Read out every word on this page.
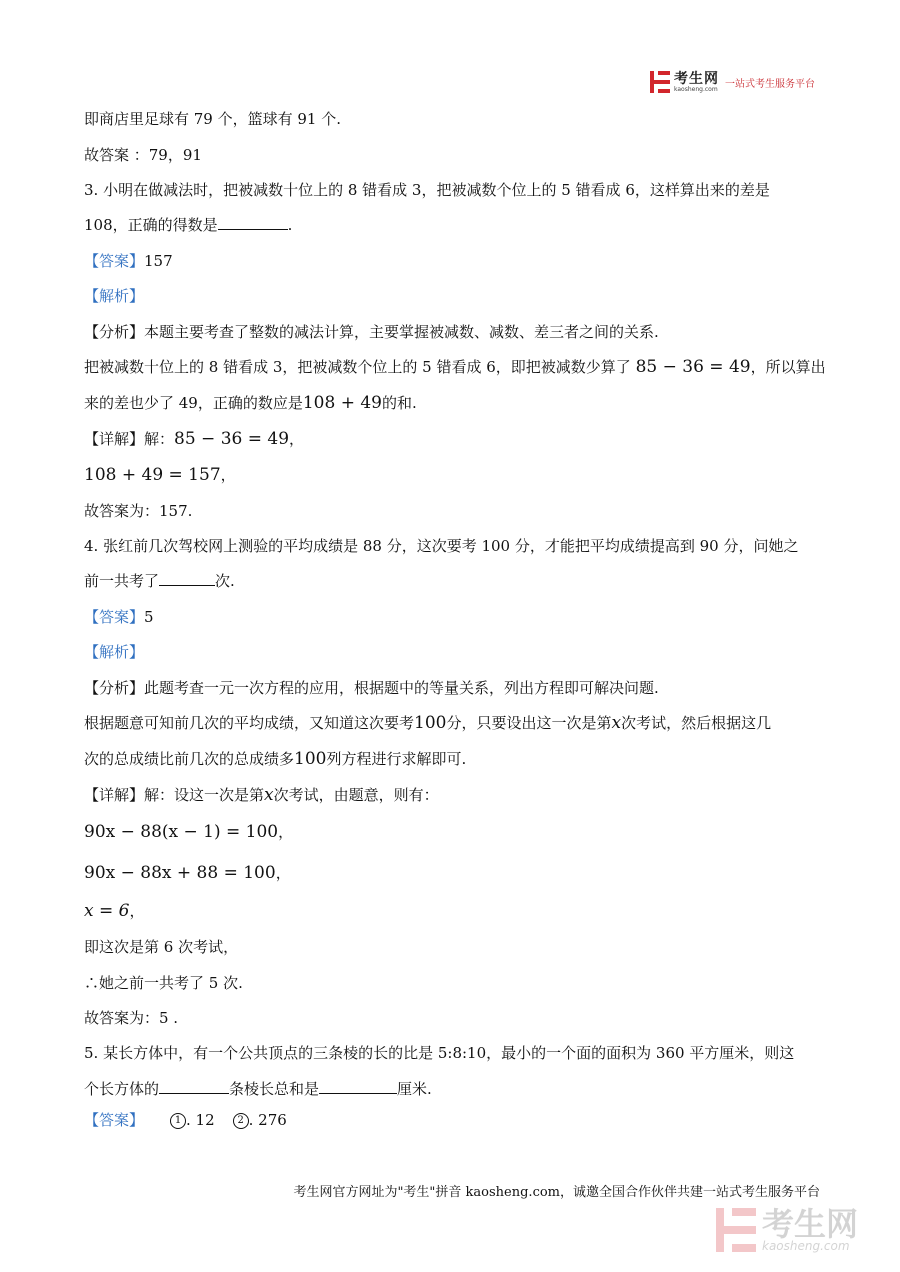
考生网
kaosheng.com 一站式考生服务平台
即商店里足球有 79 个，篮球有 91 个.
故答案 ：79，91
3. 小明在做减法时，把被减数十位上的 8 错看成 3，把被减数个位上的 5 错看成 6，这样算出来的差是
108，正确的得数是	.
【答案】157
【解析】
【分析】本题主要考查了整数的减法计算，主要掌握被减数、减数、差三者之间的关系.
把被减数十位上的 8 错看成 3，把被减数个位上的 5 错看成 6，即把被减数少算了 85 − 36 = 49，所以算出
来的差也少了 49，正确的数应是108 + 49的和.
【详解】解：85 − 36 = 49，
108 + 49 = 157，
故答案为：157.
4. 张红前几次驾校网上测验的平均成绩是 88 分，这次要考 100 分，才能把平均成绩提高到 90 分，问她之
前一共考了	次.
【答案】5
【解析】
【分析】此题考查一元一次方程的应用，根据题中的等量关系，列出方程即可解决问题.
根据题意可知前几次的平均成绩，又知道这次要考100分，只要设出这一次是第x次考试，然后根据这几
次的总成绩比前几次的总成绩多100列方程进行求解即可.
【详解】解：设这一次是第x次考试，由题意，则有：
90x − 88(x − 1) = 100，
90x − 88x + 88 = 100，
x = 6，
即这次是第 6 次考试，
∴她之前一共考了 5 次.
故答案为：5 .
5. 某长方体中，有一个公共顶点的三条棱的长的比是 5:8:10，最小的一个面的面积为 360 平方厘米，则这
个长方体的	条棱长总和是	厘米.
【答案】	1 . 12 2 . 276
考生网官方网址为"考生"拼音 kaosheng.com，诚邀全国合作伙伴共建一站式考生服务平台
考生网
kaosheng.com
